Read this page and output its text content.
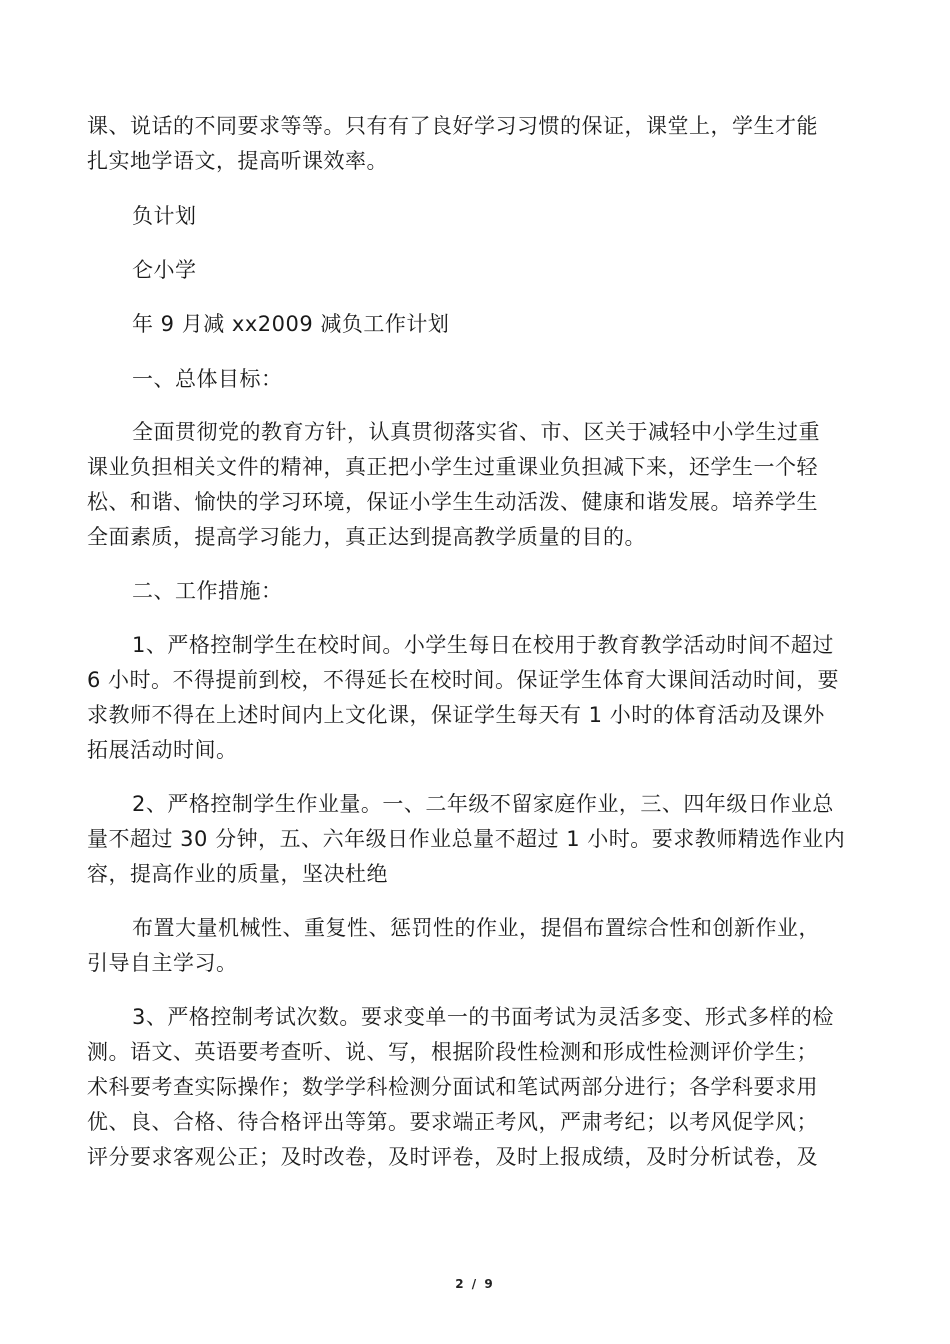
课、说话的不同要求等等。只有有了良好学习习惯的保证，课堂上，学生才能
扎实地学语文，提高听课效率。
负计划
仑小学
年 9 月减 xx2009 减负工作计划
一、总体目标：
全面贯彻党的教育方针，认真贯彻落实省、市、区关于减轻中小学生过重
课业负担相关文件的精神，真正把小学生过重课业负担减下来，还学生一个轻
松、和谐、愉快的学习环境，保证小学生生动活泼、健康和谐发展。培养学生
全面素质，提高学习能力，真正达到提高教学质量的目的。
二、工作措施：
1、严格控制学生在校时间。小学生每日在校用于教育教学活动时间不超过
6 小时。不得提前到校，不得延长在校时间。保证学生体育大课间活动时间，要
求教师不得在上述时间内上文化课，保证学生每天有 1 小时的体育活动及课外
拓展活动时间。
2、严格控制学生作业量。一、二年级不留家庭作业，三、四年级日作业总
量不超过 30 分钟，五、六年级日作业总量不超过 1 小时。要求教师精选作业内
容，提高作业的质量，坚决杜绝
布置大量机械性、重复性、惩罚性的作业，提倡布置综合性和创新作业，
引导自主学习。
3、严格控制考试次数。要求变单一的书面考试为灵活多变、形式多样的检
测。语文、英语要考查听、说、写，根据阶段性检测和形成性检测评价学生；
术科要考查实际操作；数学学科检测分面试和笔试两部分进行；各学科要求用
优、良、合格、待合格评出等第。要求端正考风，严肃考纪；以考风促学风；
评分要求客观公正；及时改卷，及时评卷，及时上报成绩，及时分析试卷，及
2 / 9
